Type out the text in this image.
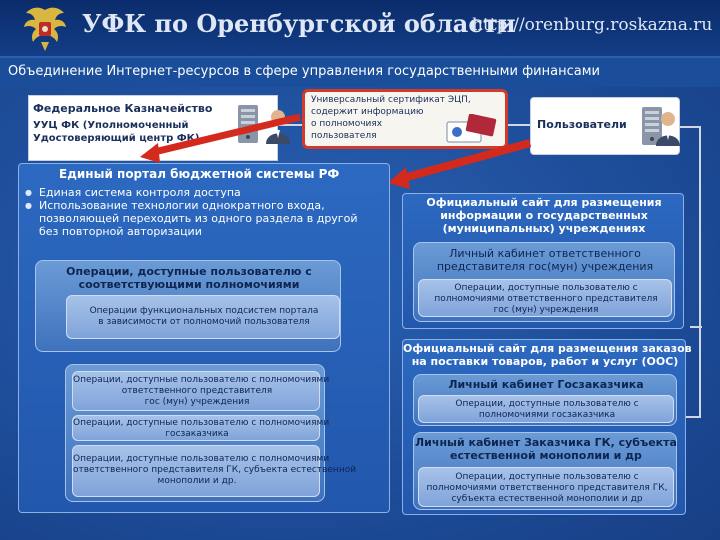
УФК по Оренбургской области
http://orenburg.roskazna.ru
Объединение Интернет-ресурсов в сфере управления государственными финансами
Федеральное Казначейство
УУЦ ФК (Уполномоченный
Удостоверяющий центр ФК)
Универсальный сертификат ЭЦП,
содержит информацию
о полномочиях
пользователя
Пользователи
Единый портал бюджетной системы РФ
● Единая система контроля доступа
● Использование технологии однократного входа,
позволяющей переходить из одного раздела в другой
без повторной авторизации
Операции, доступные пользователю с
соответствующими полномочиями
Операции функциональных подсистем портала
в зависимости от полномочий пользователя
Операции, доступные пользователю с полномочиями
ответственного представителя
гос (мун) учреждения
Операции, доступные пользователю с полномочиями
госзаказчика
Операции, доступные пользователю с полномочиями
ответственного представителя ГК, субъекта естественной
монополии и др.
Официальный сайт для размещения
информации о государственных
(муниципальных) учреждениях
Личный кабинет ответственного
представителя гос(мун) учреждения
Операции, доступные пользователю с
полномочиями ответственного представителя
гос (мун) учреждения
Официальный сайт для размещения заказов
на поставки товаров, работ и услуг (ООС)
Личный кабинет Госзаказчика
Операции, доступные пользователю с
полномочиями госзаказчика
Личный кабинет Заказчика ГК, субъекта
естественной монополии и др
Операции, доступные пользователю с
полномочиями ответственного представителя ГК,
субъекта естественной монополии и др
